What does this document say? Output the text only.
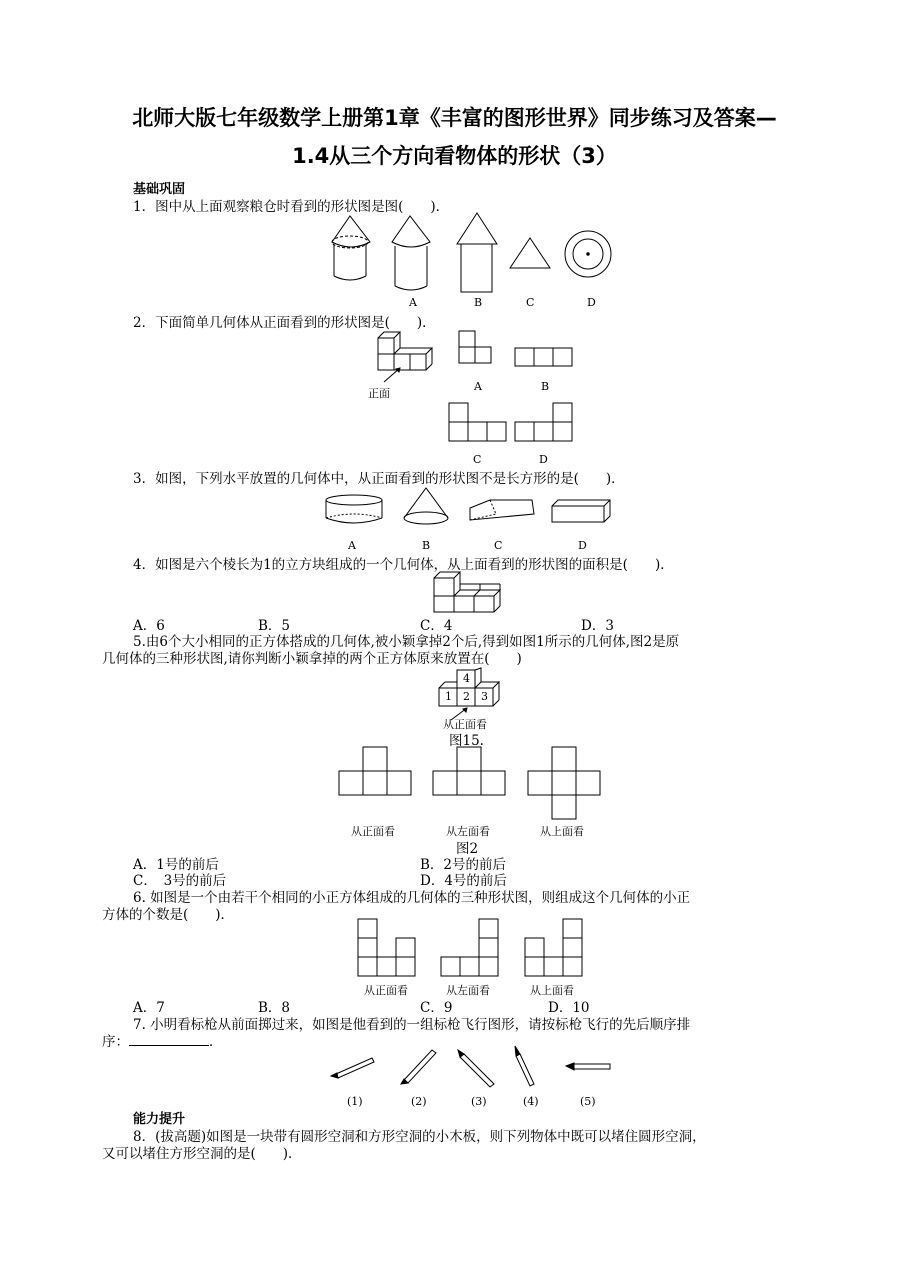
北师大版七年级数学上册第1章《丰富的图形世界》同步练习及答案—
1.4从三个方向看物体的形状（3）
基础巩固
1．图中从上面观察粮仓时看到的形状图是图(　　)．
A	B	C	D
2．下面简单几何体从正面看到的形状图是(　　)．
正面
A	B
C	D
3．如图，下列水平放置的几何体中，从正面看到的形状图不是长方形的是(　　)．
A	B	C	D
4．如图是六个棱长为1的立方块组成的一个几何体，从上面看到的形状图的面积是(　　)．
A．6	B．5	C．4	D．3
5.由6个大小相同的正方体搭成的几何体,被小颖拿掉2个后,得到如图1所示的几何体,图2是原
几何体的三种形状图,请你判断小颖拿掉的两个正方体原来放置在(　　)
4
1 2 3
从正面看
图15.
从正面看	从左面看	从上面看
图2
A．1号的前后	B．2号的前后
C．　3号的前后	D．4号的前后
6. 如图是一个由若干个相同的小正方体组成的几何体的三种形状图，则组成这个几何体的小正
方体的个数是(　　)．
从正面看	从左面看	从上面看
A．7	B．8	C．9	D．10
7. 小明看标枪从前面掷过来，如图是他看到的一组标枪飞行图形，请按标枪飞行的先后顺序排
序：	．
(1)	(2)	(3)	(4)	(5)
能力提升
8．(拔高题)如图是一块带有圆形空洞和方形空洞的小木板，则下列物体中既可以堵住圆形空洞，
又可以堵住方形空洞的是(　　)．
